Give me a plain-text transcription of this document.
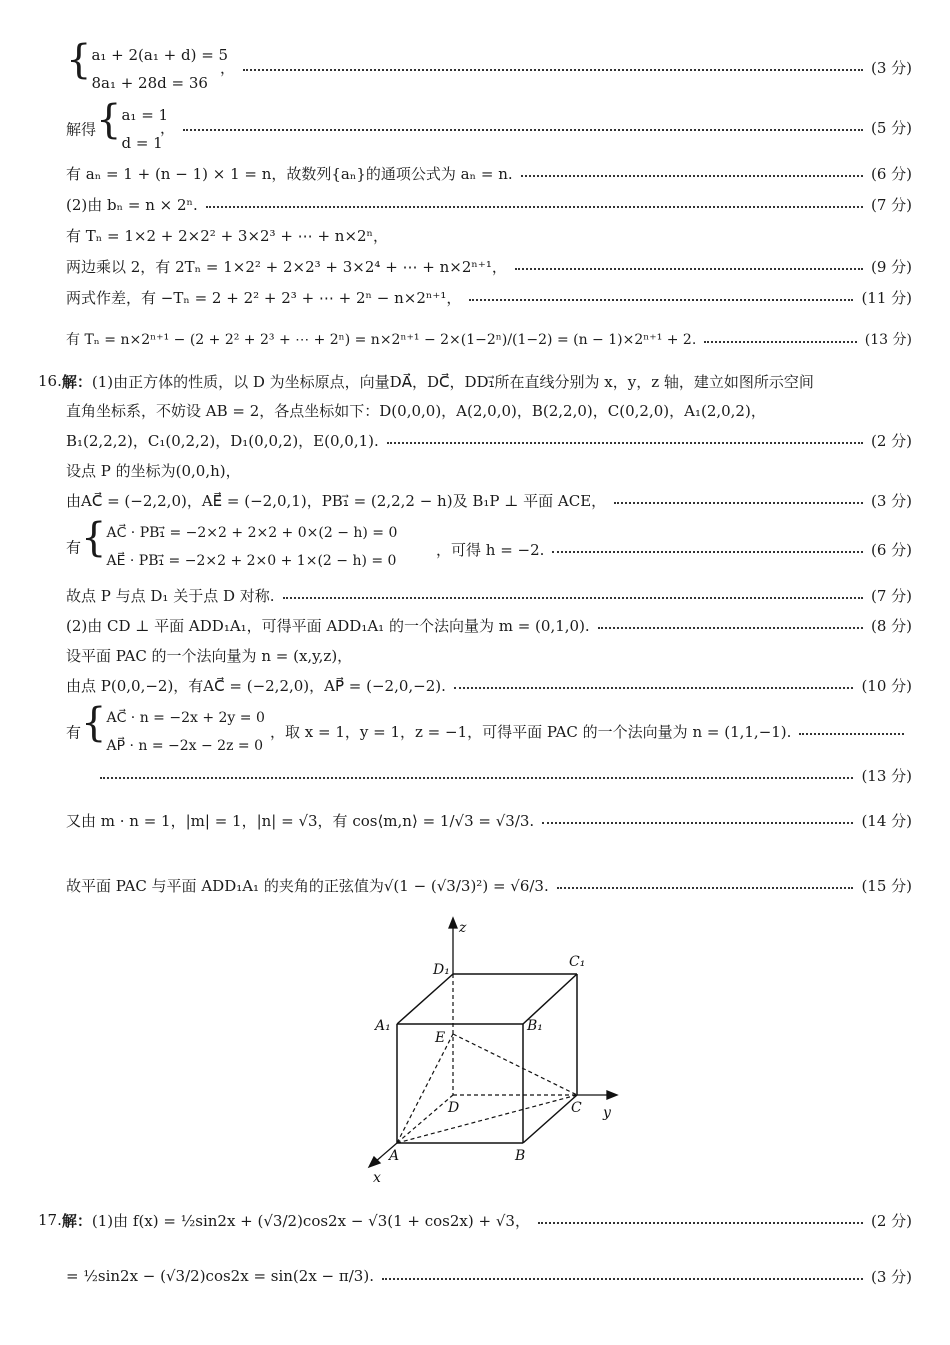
{a₁ + 2(a₁ + d) = 5
8a₁ + 28d = 36
，	(3 分)
解得{a₁ = 1
d = 1
，	(5 分)
有 aₙ = 1 + (n − 1) × 1 = n，故数列{aₙ}的通项公式为 aₙ = n.	(6 分)
(2)由 bₙ = n × 2ⁿ.	(7 分)
有 Tₙ = 1×2 + 2×2² + 3×2³ + ⋯ + n×2ⁿ，
两边乘以 2，有 2Tₙ = 1×2² + 2×2³ + 3×2⁴ + ⋯ + n×2ⁿ⁺¹，	(9 分)
两式作差，有 −Tₙ = 2 + 2² + 2³ + ⋯ + 2ⁿ − n×2ⁿ⁺¹，	(11 分)
有 Tₙ = n×2ⁿ⁺¹ − (2 + 2² + 2³ + ⋯ + 2ⁿ) = n×2ⁿ⁺¹ − 2×(1−2ⁿ)/(1−2) = (n − 1)×2ⁿ⁺¹ + 2.	(13 分)
16. 解： (1)由正方体的性质，以 D 为坐标原点，向量DA⃗，DC⃗，DD₁⃗所在直线分别为 x，y，z 轴，建立如图所示空间
直角坐标系，不妨设 AB = 2，各点坐标如下：D(0,0,0)，A(2,0,0)，B(2,2,0)，C(0,2,0)，A₁(2,0,2)，
B₁(2,2,2)，C₁(0,2,2)，D₁(0,0,2)，E(0,0,1).	(2 分)
设点 P 的坐标为(0,0,h)，
由AC⃗ = (−2,2,0)，AE⃗ = (−2,0,1)，PB₁⃗ = (2,2,2 − h)及 B₁P ⊥ 平面 ACE，	(3 分)
有{AC⃗ · PB₁⃗ = −2×2 + 2×2 + 0×(2 − h) = 0
AE⃗ · PB₁⃗ = −2×2 + 2×0 + 1×(2 − h) = 0
，可得 h = −2.	(6 分)
故点 P 与点 D₁ 关于点 D 对称.	(7 分)
(2)由 CD ⊥ 平面 ADD₁A₁，可得平面 ADD₁A₁ 的一个法向量为 m = (0,1,0).	(8 分)
设平面 PAC 的一个法向量为 n = (x,y,z)，
由点 P(0,0,−2)，有AC⃗ = (−2,2,0)，AP⃗ = (−2,0,−2).	(10 分)
有{AC⃗ · n = −2x + 2y = 0
AP⃗ · n = −2x − 2z = 0
，取 x = 1，y = 1，z = −1，可得平面 PAC 的一个法向量为 n = (1,1,−1).
(13 分)
又由 m · n = 1，|m| = 1，|n| = √3，有 cos⟨m,n⟩ = 1/√3 = √3/3.	(14 分)
故平面 PAC 与平面 ADD₁A₁ 的夹角的正弦值为√(1 − (√3/3)²) = √6/3.	(15 分)
z
y
x
D₁	C₁
A₁	B₁
E
D	C
A	B
17. 解： (1)由 f(x) = ½sin2x + (√3/2)cos2x − √3(1 + cos2x) + √3，	(2 分)
= ½sin2x − (√3/2)cos2x = sin(2x − π/3).	(3 分)
